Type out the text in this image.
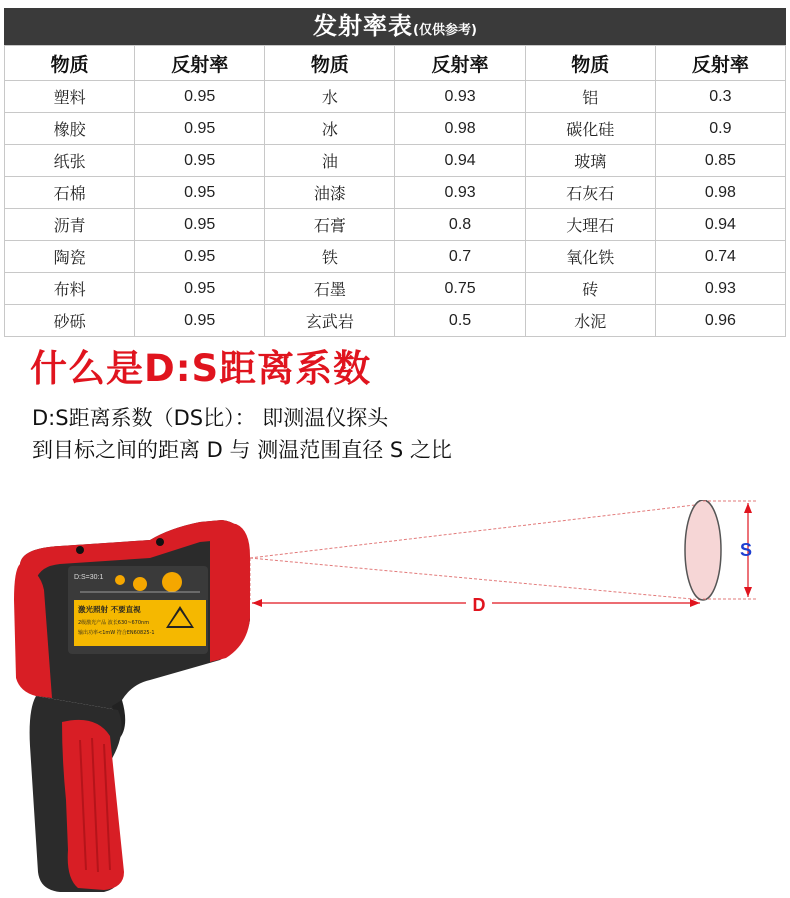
发射率表(仅供参考)
物质	反射率	物质	反射率	物质	反射率
塑料	0.95	水	0.93	铝	0.3
橡胶	0.95	冰	0.98	碳化硅	0.9
纸张	0.95	油	0.94	玻璃	0.85
石棉	0.95	油漆	0.93	石灰石	0.98
沥青	0.95	石膏	0.8	大理石	0.94
陶瓷	0.95	铁	0.7	氧化铁	0.74
布料	0.95	石墨	0.75	砖	0.93
砂砾	0.95	玄武岩	0.5	水泥	0.96
什么是D:S距离系数
D:S距离系数（DS比）： 即测温仪探头
到目标之间的距离 D 与 测温范围直径 S 之比
D
S
D:S=30:1
激光照射 不要直视
2级激光产品 波长630~670nm
输出功率<1mW 符合EN60825-1
